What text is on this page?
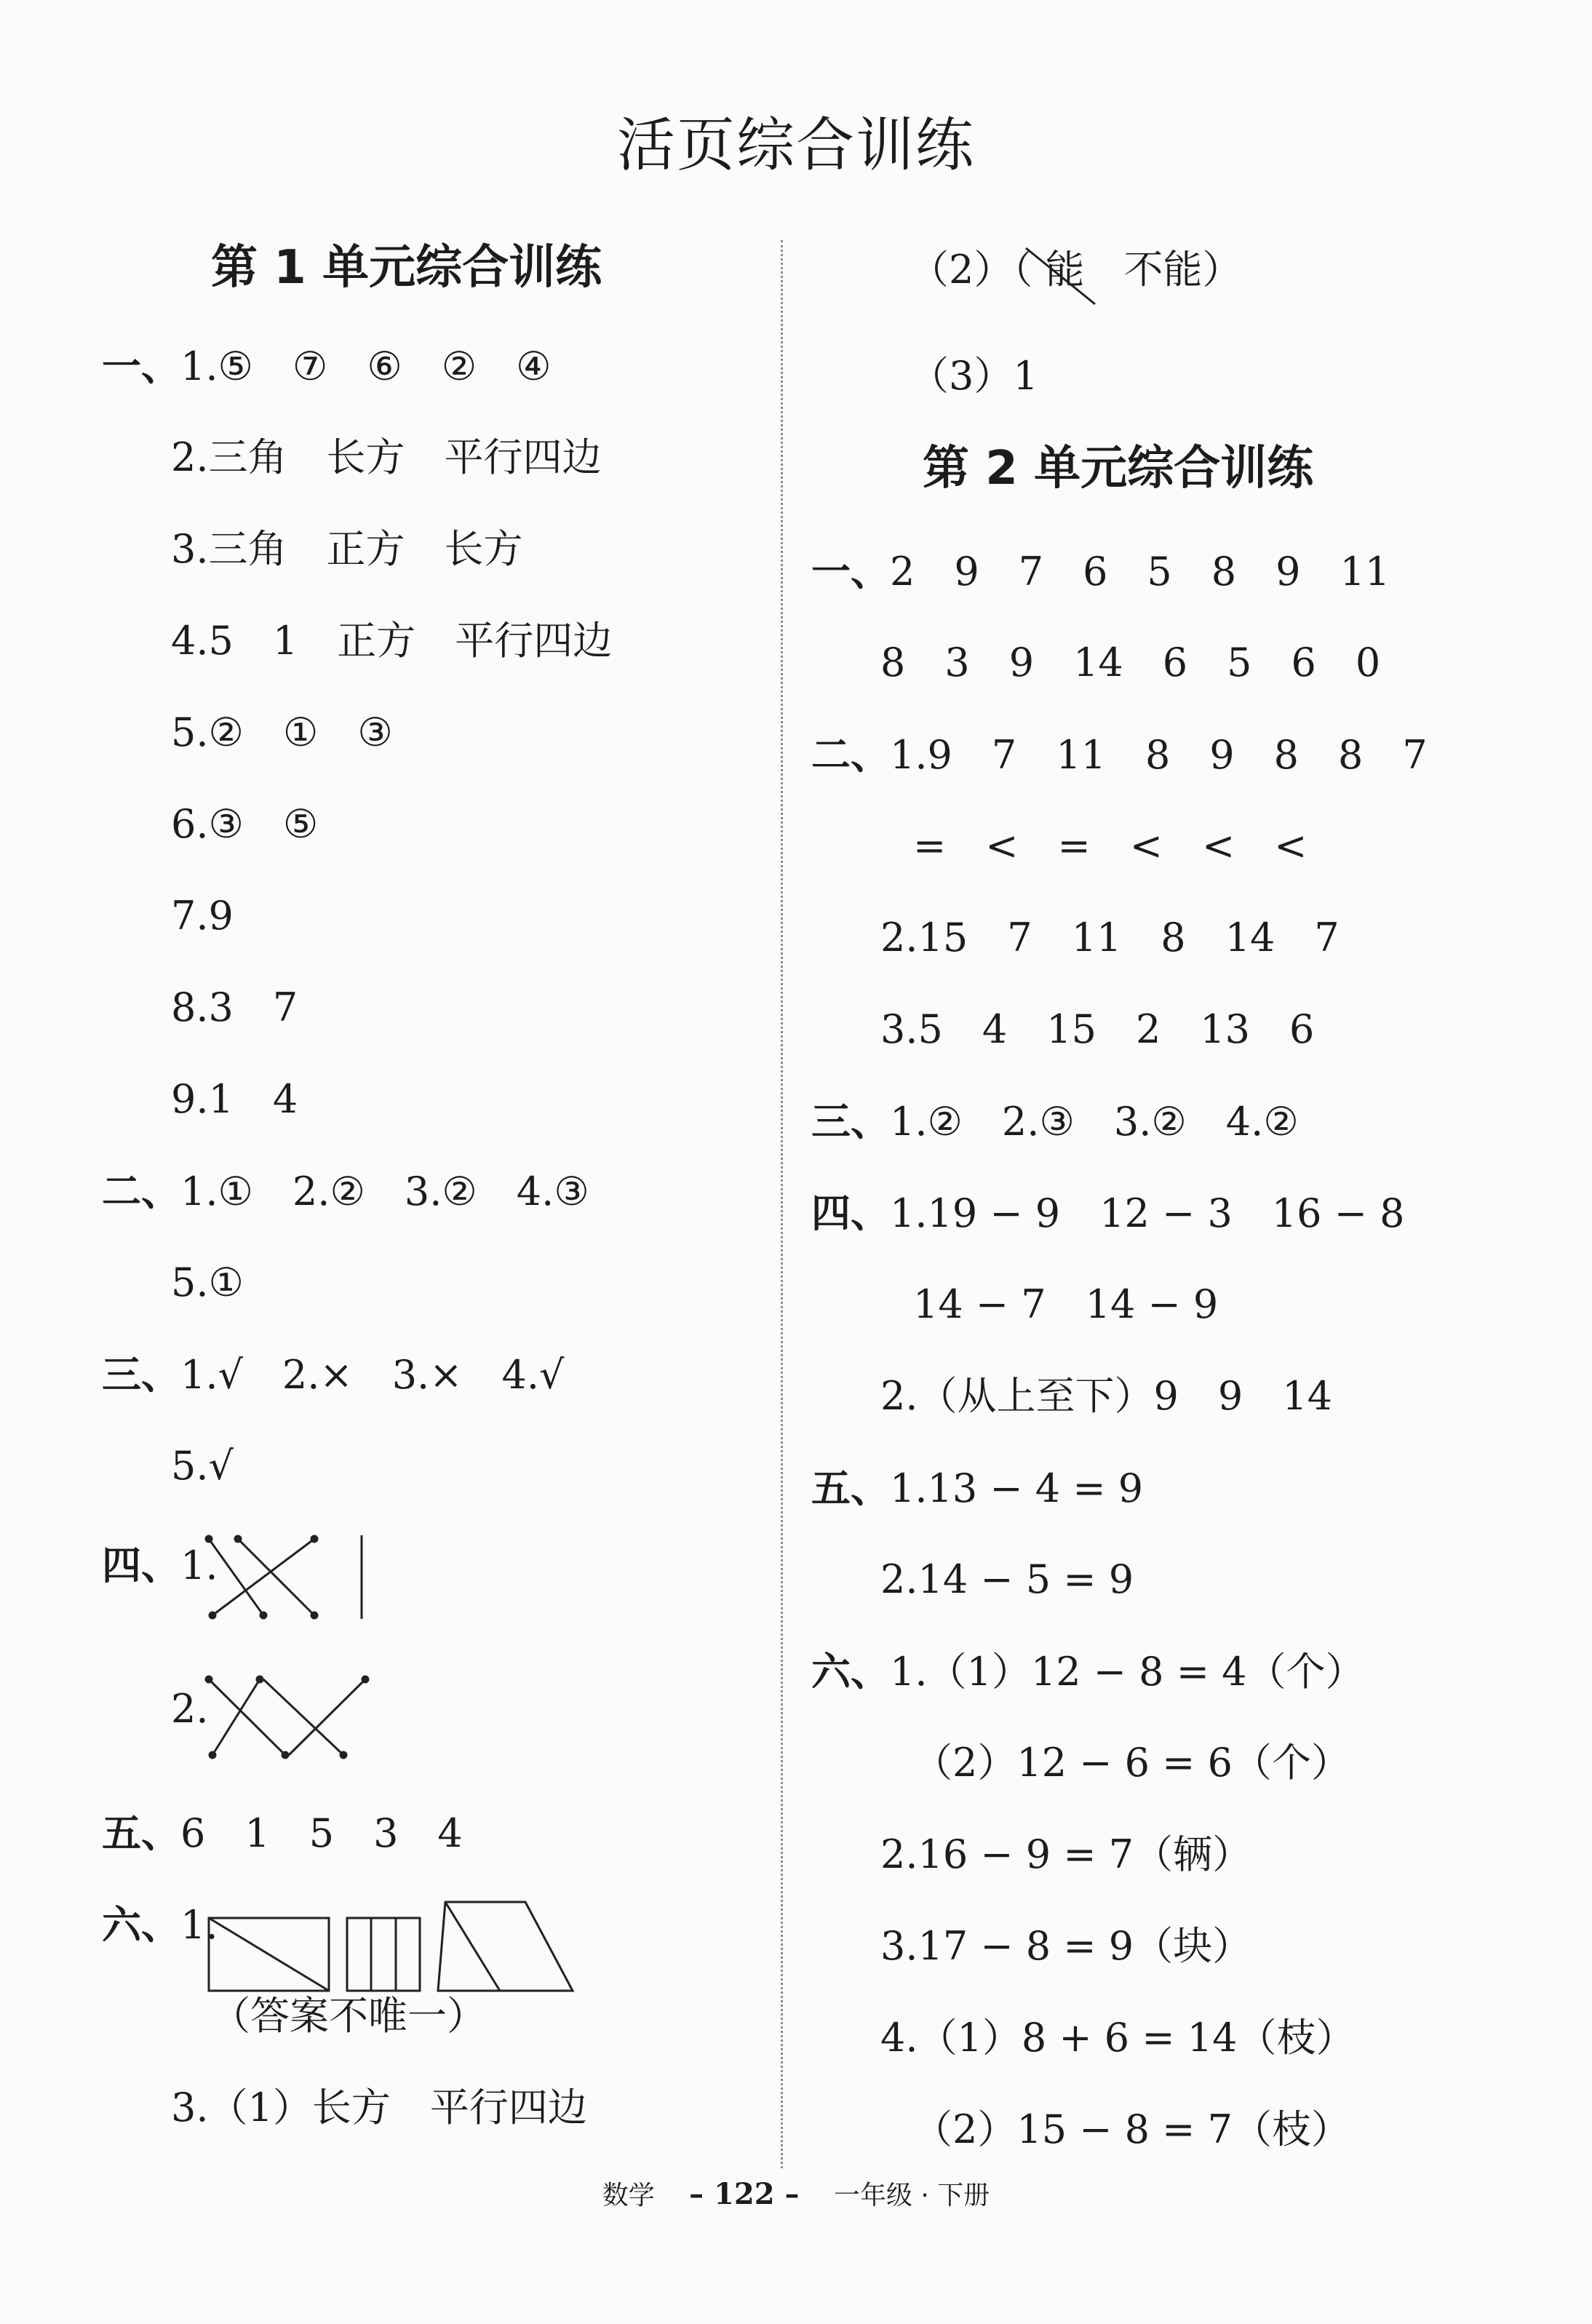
活页综合训练
第 1 单元综合训练
一、1.⑤　⑦　⑥　②　④
2.三角　长方　平行四边
3.三角　正方　长方
4.5　1　正方　平行四边
5.②　①　③
6.③　⑤
7.9
8.3　7
9.1　4
二、1.①　2.②　3.②　4.③
5.①
三、1.√　2.×　3.×　4.√
5.√
四、1.
2.
五、6　1　5　3　4
六、1.
（答案不唯一）
3.（1）长方　平行四边
（2）（ 能　不能）
（3）1
第 2 单元综合训练
一、2　9　7　6　5　8　9　11
8　3　9　14　6　5　6　0
二、1.9　7　11　8　9　8　8　7
=　<　=　<　<　<
2.15　7　11　8　14　7
3.5　4　15　2　13　6
三、1.②　2.③　3.②　4.②
四、1.19 − 9　12 − 3　16 − 8
14 − 7　14 − 9
2.（从上至下）9　9　14
五、1.13 − 4 = 9
2.14 − 5 = 9
六、1.（1）12 − 8 = 4（个）
（2）12 − 6 = 6（个）
2.16 − 9 = 7（辆）
3.17 − 8 = 9（块）
4.（1）8 + 6 = 14（枝）
（2）15 − 8 = 7（枝）
数学 – 122 – 一年级 · 下册
